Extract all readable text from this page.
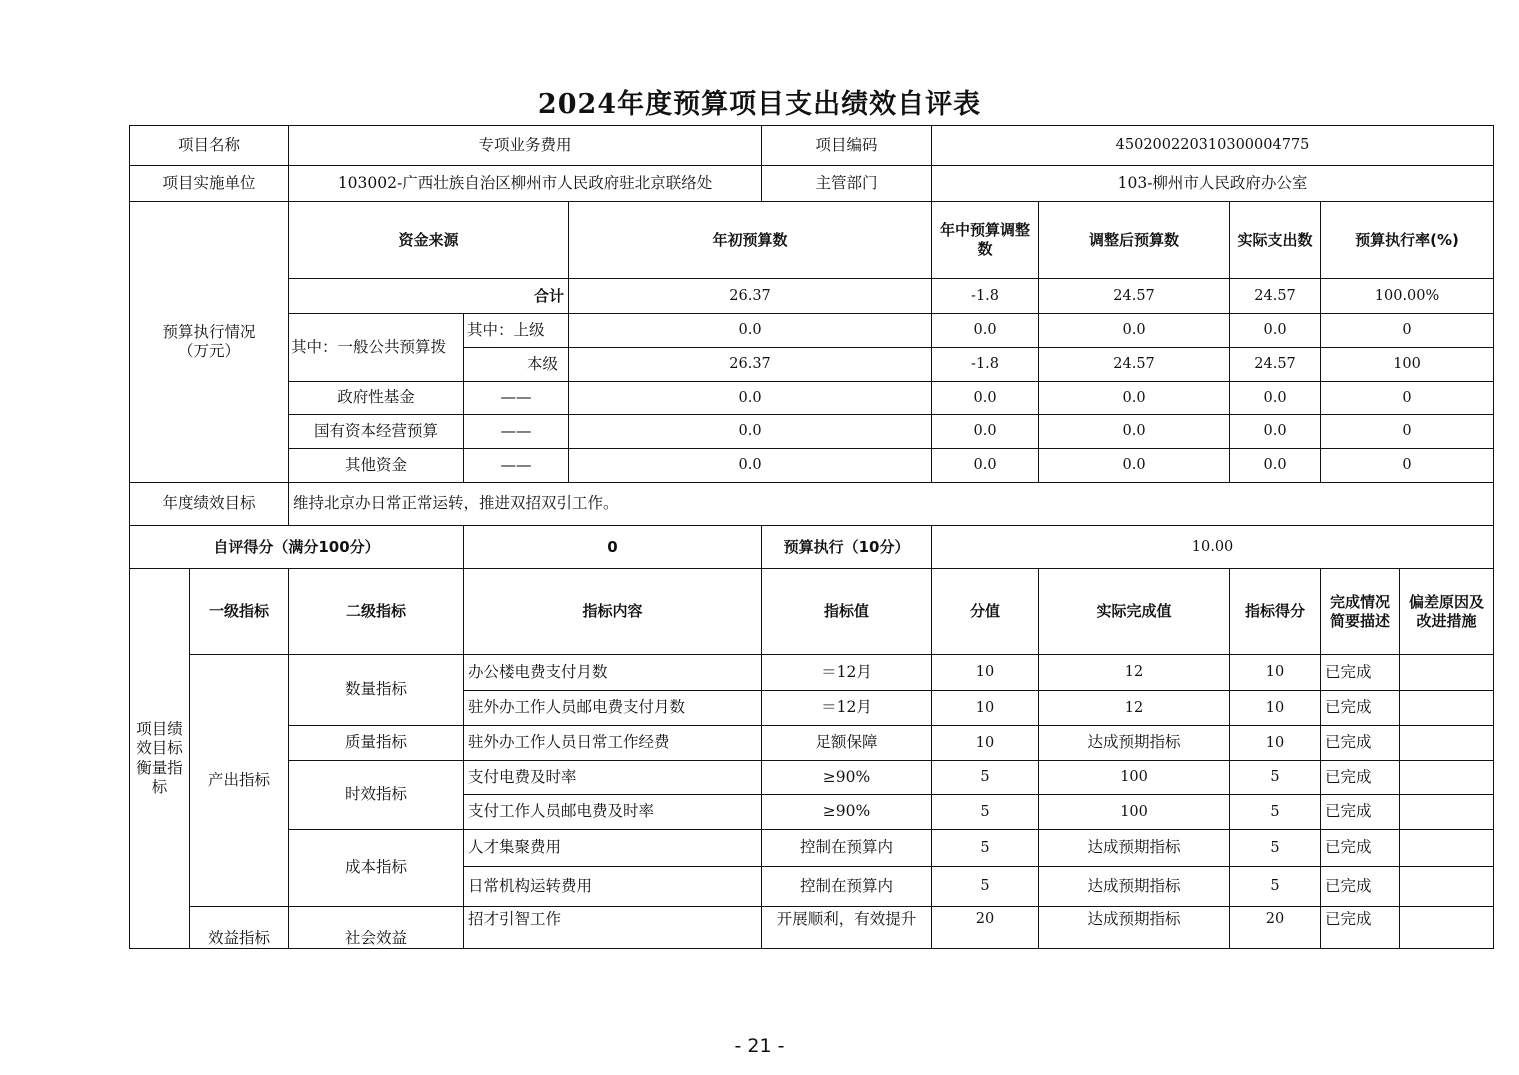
2024年度预算项目支出绩效自评表
项目名称		专项业务费用			项目编码	450200220310300004775				
项目实施单位		103002-广西壮族自治区柳州市人民政府驻北京联络处			主管部门	103-柳州市人民政府办公室				
预算执行情况（万元）		资金来源		年初预算数		年中预算调整数	调整后预算数	实际支出数	预算执行率(%)	
		合计		26.37		-1.8	24.57	24.57	100.00%	
		其中：一般公共预算拨	其中：上级	0.0		0.0	0.0	0.0	0	
			本级	26.37		-1.8	24.57	24.57	100	
		政府性基金	——	0.0		0.0	0.0	0.0	0	
		国有资本经营预算	——	0.0		0.0	0.0	0.0	0	
		其他资金	——	0.0		0.0	0.0	0.0	0	
年度绩效目标		维持北京办日常正常运转，推进双招双引工作。								
自评得分（满分100分）			0		预算执行（10分）	10.00				
项目绩效目标衡量指标	一级指标	二级指标	指标内容		指标值	分值	实际完成值	指标得分	完成情况简要描述	偏差原因及改进措施
	产出指标	数量指标	办公楼电费支付月数		＝12月	10	12	10	已完成	
			驻外办工作人员邮电费支付月数		＝12月	10	12	10	已完成	
		质量指标	驻外办工作人员日常工作经费		足额保障	10	达成预期指标	10	已完成	
		时效指标	支付电费及时率		≥90%	5	100	5	已完成	
			支付工作人员邮电费及时率		≥90%	5	100	5	已完成	
		成本指标	人才集聚费用		控制在预算内	5	达成预期指标	5	已完成	
			日常机构运转费用		控制在预算内	5	达成预期指标	5	已完成	
	效益指标	社会效益	招才引智工作		开展顺利，有效提升	20	达成预期指标	20	已完成	
- 21 -
